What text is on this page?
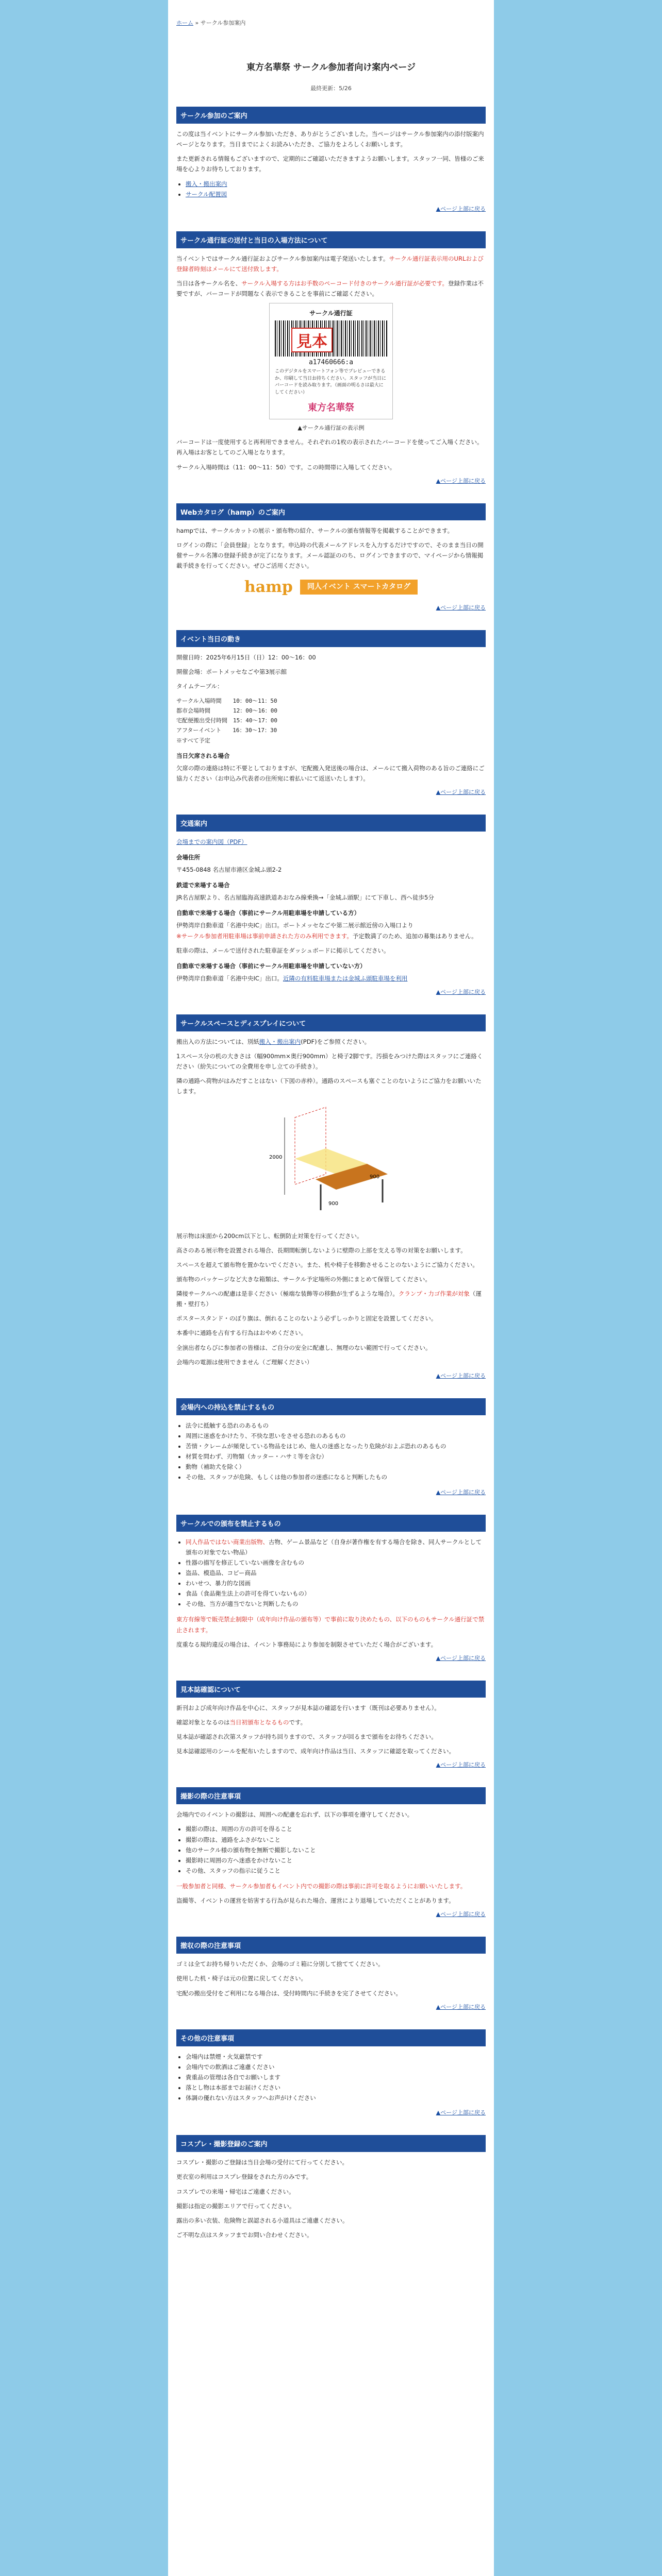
ホーム » サークル参加案内
東方名華祭 サークル参加者向け案内ページ
最終更新：5/26
サークル参加のご案内

この度は当イベントにサークル参加いただき、ありがとうございました。当ページはサークル参加案内の添付版案内ページとなります。当日までによくお読みいただき、ご協力をよろしくお願いします。

また更新される情報もございますので、定期的にご確認いただきますようお願いします。スタッフ一同、皆様のご来場を心よりお待ちしております。

• 搬入・搬出案内
• サークル配置図
▲ページ上部に戻る
サークル通行証の送付と当日の入場方法について

当イベントではサークル通行証およびサークル参加案内は電子発送いたします。サークル通行証表示用のURLおよび登録者時刻はメールにて送付致します。

当日は各サークル名を、サークル入場する方はお手数のペーコード付きのサークル通行証が必要です。登録作業は不要ですが、バーコードが問題なく表示できることを事前にご確認ください。

サークル通行証
見本
a17460666:a
このデジタルをスマートフォン等でプレビューできるか、印刷して当日お持ちください。スタッフが当日にバーコードを読み取ります。（画面の明るさは最大にしてください）
東方名華祭
▲サークル通行証の表示例

バーコードは一度使用すると再利用できません。それぞれの1枚の表示されたバーコードを使ってご入場ください。再入場はお客としてのご入場となります。

サークル入場時間は（11：00〜11：50）です。この時間帯に入場してください。

▲ページ上部に戻る
Webカタログ（hamp）のご案内

hampでは、サークルカットの展示・頒布物の紹介、サークルの頒布情報等を掲載することができます。

ログインの際に「会員登録」となります。申込時の代表メールアドレスを入力するだけですので、そのまま当日の開催サークル名簿の登録手続きが完了になります。メール認証ののち、ログインできますので、マイページから情報掲載手続きを行ってください。ぜひご活用ください。

hamp	同人イベント スマートカタログ
▲ページ上部に戻る
イベント当日の動き

開催日時：2025年6月15日（日）12：00〜16：00

開催会場：ポートメッセなごや第3展示館

タイムテーブル：

サークル入場時間　　10：00〜11：50
都市会場時間　　　　12：00〜16：00
宅配便搬出受付時間　15：40〜17：00
アフターイベント　　16：30〜17：30
※すべて予定
当日欠席される場合

欠席の際の連絡は特に不要としておりますが、宅配搬入発送後の場合は、メールにて搬入荷物のある旨のご連絡にご協力ください（お申込み代表者の住所宛に着払いにて返送いたします）。

▲ページ上部に戻る
交通案内

会場までの案内図（PDF）

会場住所

〒455-0848 名古屋市港区金城ふ頭2-2

鉄道で来場する場合

JR名古屋駅より、名古屋臨海高速鉄道あおなみ線乗換→「金城ふ頭駅」にて下車し、西へ徒歩5分

自動車で来場する場合（事前にサークル用駐車場を申請している方）

伊勢湾岸自動車道「名港中央IC」出口。ポートメッセなごや第二展示館近傍の入場口より
※サークル参加者用駐車場は事前申請された方のみ利用できます。予定数満了のため、追加の募集はありません。

駐車の際は、メールで送付された駐車証をダッシュボードに掲示してください。

自動車で来場する場合（事前にサークル用駐車場を申請していない方）

伊勢湾岸自動車道「名港中央IC」出口。近隣の有料駐車場または金城ふ頭駐車場を利用

▲ページ上部に戻る
サークルスペースとディスプレイについて

搬出入の方法については、別紙搬入・搬出案内(PDF)をご参照ください。

1スペース分の机の大きさは（幅900mm×奥行900mm）と椅子2脚です。汚損をみつけた際はスタッフにご連絡ください（紛失についての全費用を申し立ての手続き）。

隣の通路へ荷物がはみだすことはない（下図の赤枠）。通路のスペースも塞ぐことのないようにご協力をお願いいたします。

2000
900
900

展示物は床面から200cm以下とし、転倒防止対策を行ってください。

高さのある展示物を設置される場合、長期間転倒しないように壁際の上部を支える等の対策をお願いします。

スペースを超えて頒布物を置かないでください。また、机や椅子を移動させることのないようにご協力ください。

頒布物のパッケージなど大きな箱類は、サークル予定場所の外側にまとめて保管してください。

隣接サークルへの配慮は是非ください（極端な装飾等の移動が生ずるような場合）。クランプ・力ゴ作業が対象（運搬・壁打ち）

ポスタースタンド・のぼり旗は、倒れることのないよう必ずしっかりと固定を設置してください。

本番中に通路を占有する行為はおやめください。

全演出者ならびに参加者の皆様は、ご自分の安全に配慮し、無理のない範囲で行ってください。

会場内の電源は使用できません（ご理解ください）

▲ページ上部に戻る
会場内への持込を禁止するもの
• 法令に抵触する恐れのあるもの
• 周囲に迷惑をかけたり、不快な思いをさせる恐れのあるもの
• 苦情・クレームが頻発している物品をはじめ、他人の迷惑となったり危険がおよぶ恐れのあるもの
• 材質を問わず、刃物類（カッター・ハサミ等を含む）
• 動物（補助犬を除く）
• その他、スタッフが危険、もしくは他の参加者の迷惑になると判断したもの
▲ページ上部に戻る
サークルでの頒布を禁止するもの
• 同人作品ではない商業出版物、古物、ゲーム景品など（自身が著作権を有する場合を除き、同人サークルとして頒布の対象でない物品）
• 性器の描写を修正していない画像を含むもの
• 盗品、模造品、コピー商品
• わいせつ、暴力的な図画
• 食品（食品衛生法上の許可を得ていないもの）
• その他、当方が適当でないと判断したもの

東方有線等で販売禁止制限中（成年向け作品の頒布等）で事前に取り決めたもの、以下のものもサークル通行証で禁止されます。

度重なる規約違反の場合は、イベント事務局により参加を制限させていただく場合がございます。

▲ページ上部に戻る
見本誌確認について

新刊および成年向け作品を中心に、スタッフが見本誌の確認を行います（既刊は必要ありません）。

確認対象となるのは当日初頒布となるものです。

見本誌が確認され次第スタッフが持ち回りますので、スタッフが回るまで頒布をお待ちください。

見本誌確認用のシールを配布いたしますので、成年向け作品は当日、スタッフに確認を取ってください。

▲ページ上部に戻る
撮影の際の注意事項

会場内でのイベントの撮影は、周囲への配慮を忘れず、以下の事項を遵守してください。

• 撮影の際は、周囲の方の許可を得ること
• 撮影の際は、通路をふさがないこと
• 他のサークル様の頒布物を無断で撮影しないこと
• 撮影時に周囲の方へ迷惑をかけないこと
• その他、スタッフの指示に従うこと

一般参加者と同様、サークル参加者もイベント内での撮影の際は事前に許可を取るようにお願いいたします。

盗撮等、イベントの運営を妨害する行為が見られた場合、運営により退場していただくことがあります。

▲ページ上部に戻る
撤収の際の注意事項

ゴミは全てお持ち帰りいただくか、会場のゴミ箱に分別して捨ててください。

使用した机・椅子は元の位置に戻してください。

宅配の搬出受付をご利用になる場合は、受付時間内に手続きを完了させてください。

▲ページ上部に戻る
その他の注意事項
• 会場内は禁煙・火気厳禁です
• 会場内での飲酒はご遠慮ください
• 貴重品の管理は各自でお願いします
• 落とし物は本部までお届けください
• 体調の優れない方はスタッフへお声がけください
▲ページ上部に戻る
コスプレ・撮影登録のご案内

コスプレ・撮影のご登録は当日会場の受付にて行ってください。

更衣室の利用はコスプレ登録をされた方のみです。

コスプレでの来場・帰宅はご遠慮ください。

撮影は指定の撮影エリアで行ってください。

露出の多い衣装、危険物と誤認される小道具はご遠慮ください。

ご不明な点はスタッフまでお問い合わせください。
